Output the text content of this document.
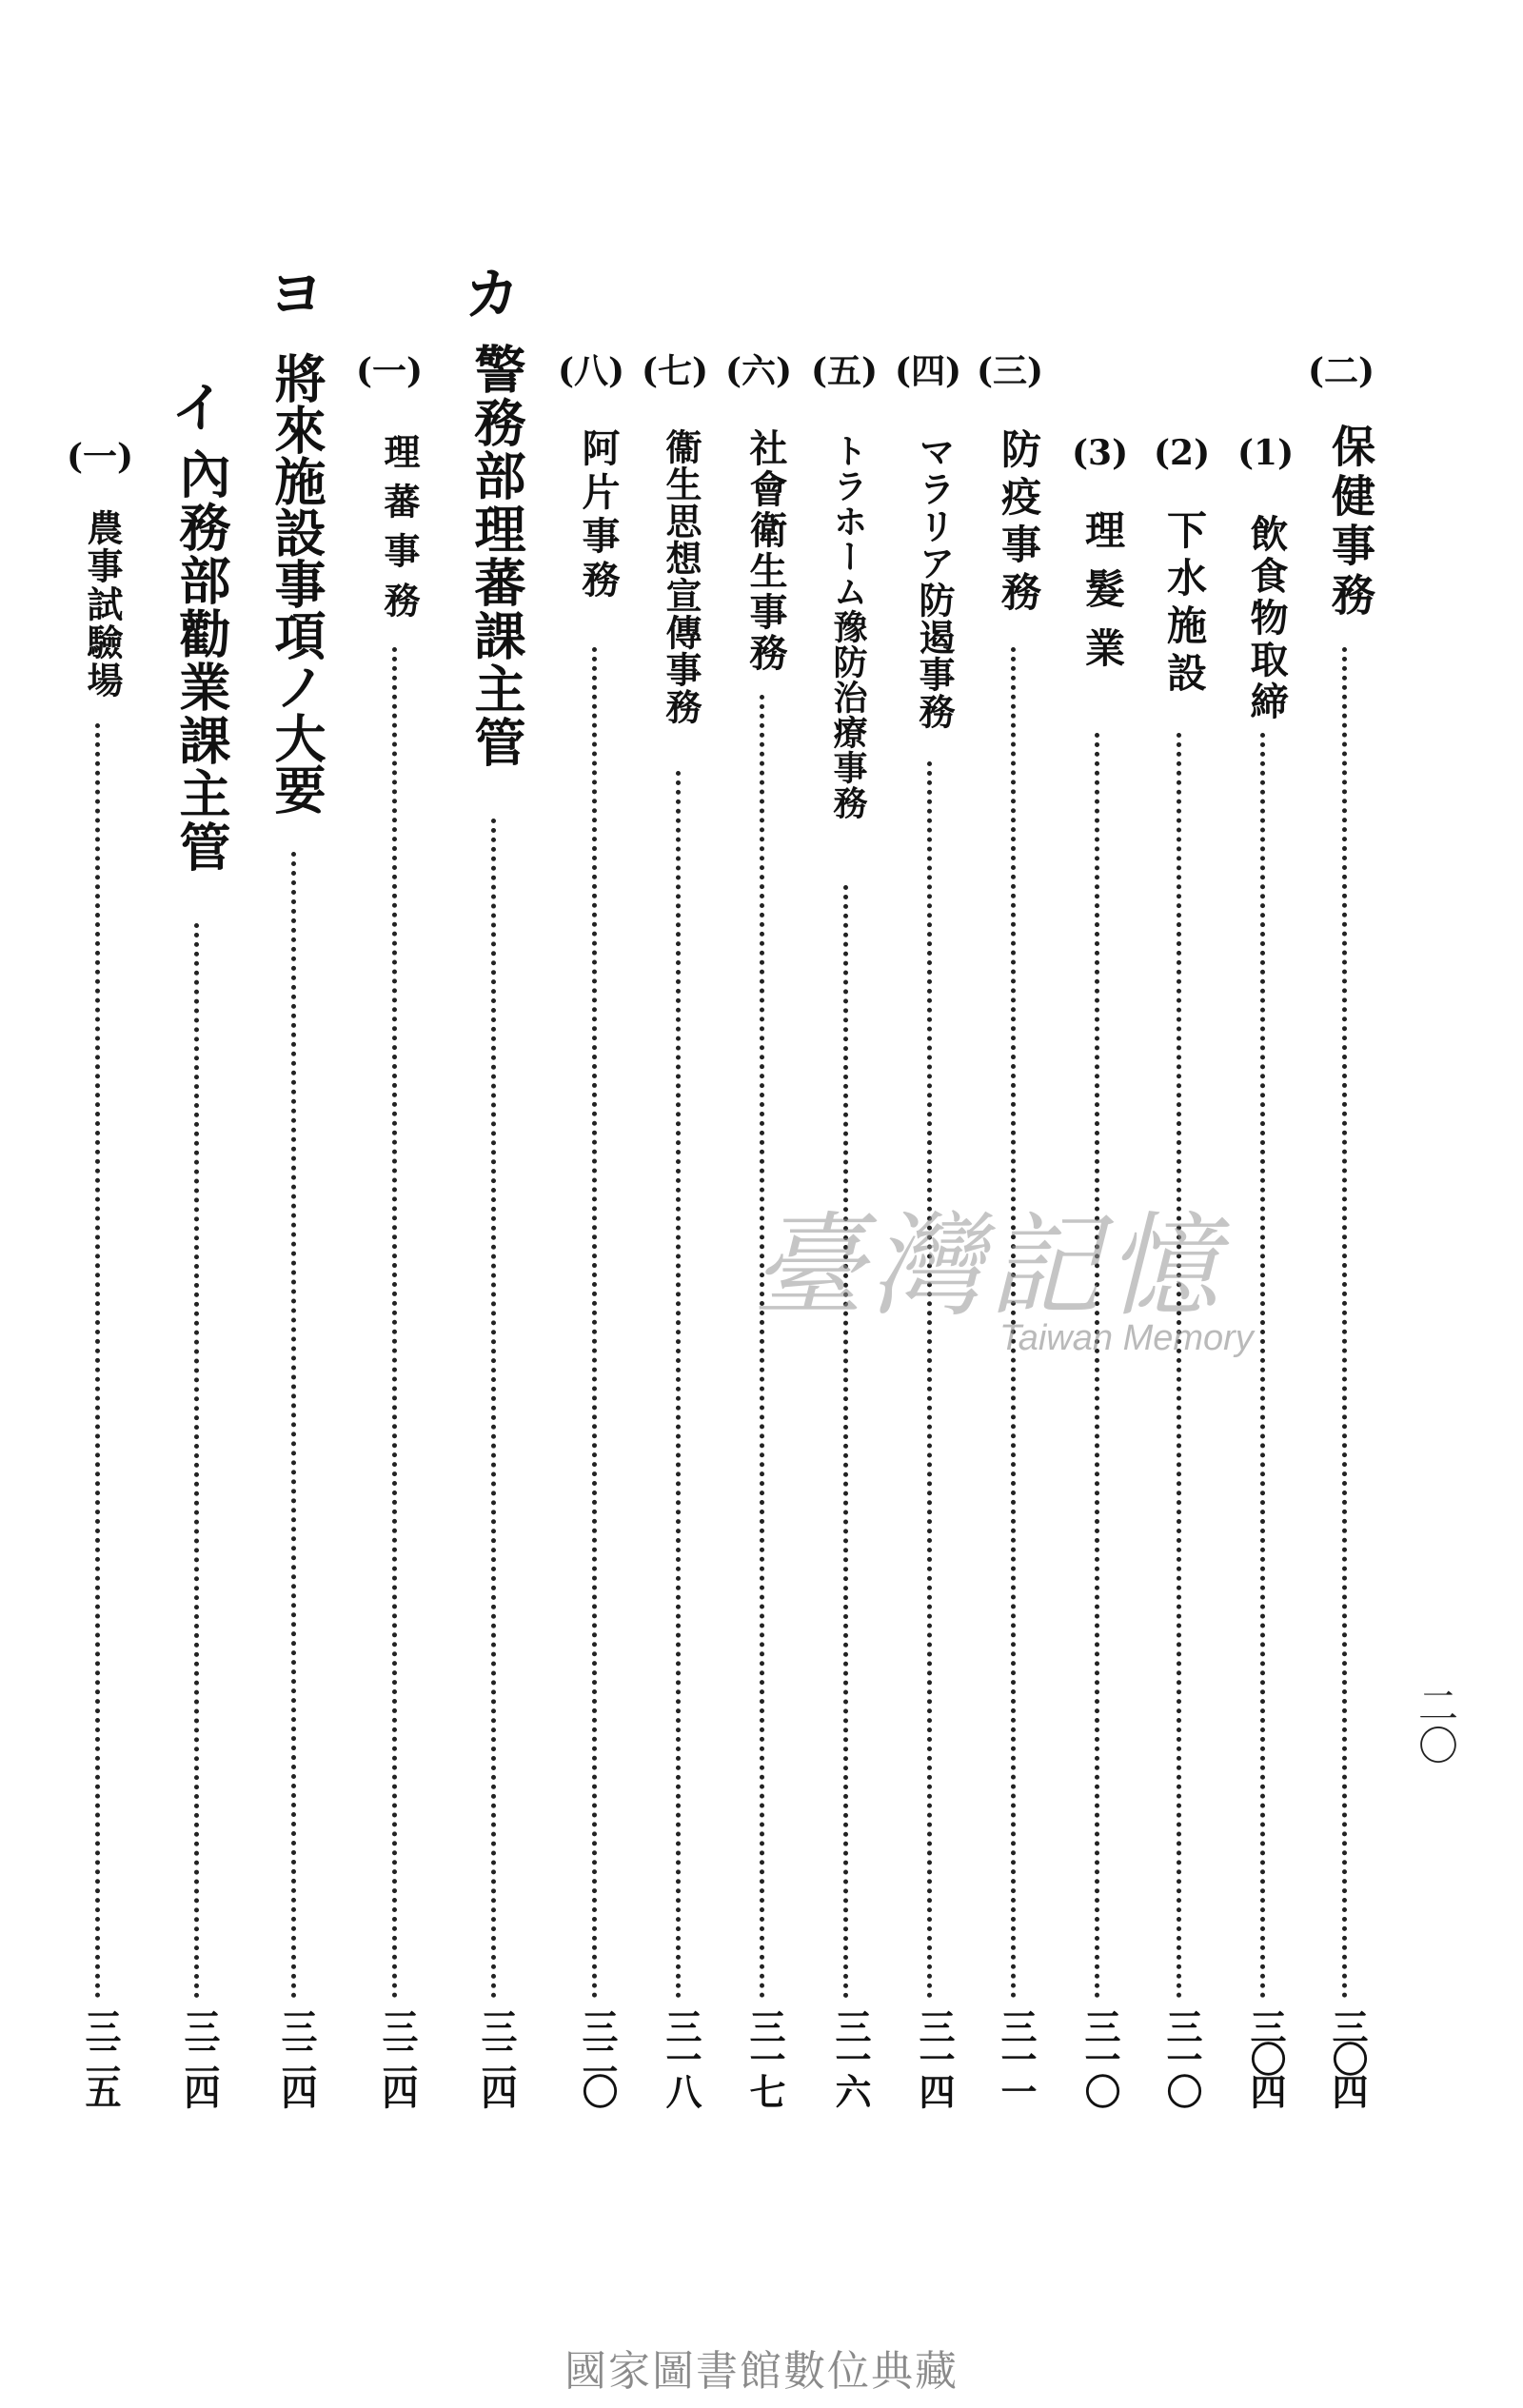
カ
ヨ
(二)
保健事務
三〇四
(1)
飲食物取締
三〇四
(2)
下水施設
三一〇
(3)
理髮業
三一〇
(三)
防疫事務
三一一
(四)
マラリア防遏事務
三一四
(五)
トラホーム豫防治療事務
三一六
(六)
社會衛生事務
三一七
(七)
衞生思想宣傳事務
三一八
(八)
阿片事務
三二〇
警務部理蕃課主管
三二四
(一)
理蕃事務
三二四
將來施設事項ノ大要
三二四
イ
內務部勸業課主管
三二四
(一)
農事試驗場
三二五
二〇
臺灣記憶
Taiwan Memory
國家圖書館數位典藏
